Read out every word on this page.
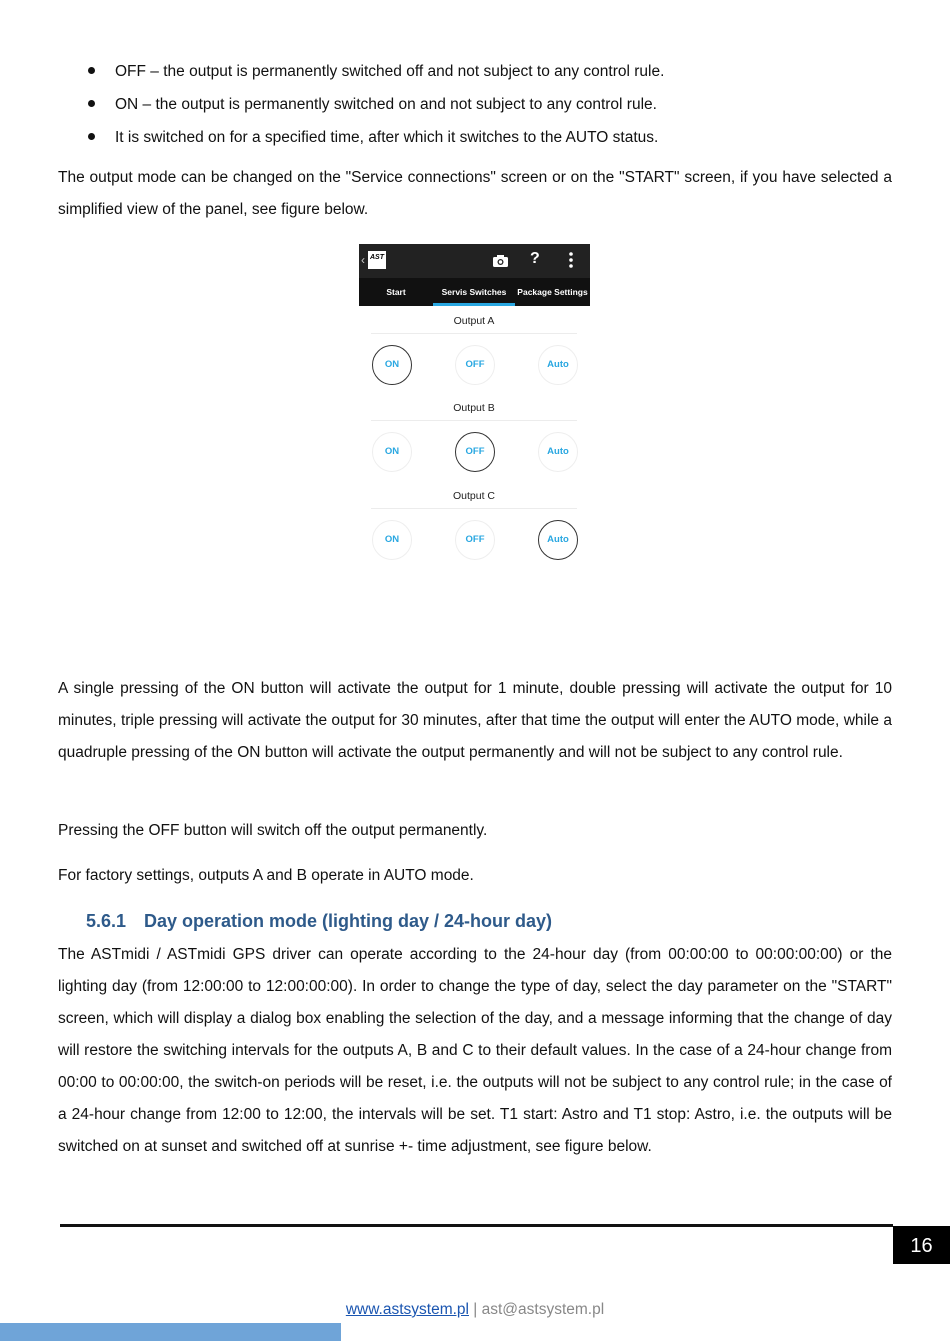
OFF – the output is permanently switched off and not subject to any control rule.
ON – the output is permanently switched on and not subject to any control rule.
It is switched on for a specified time, after which it switches to the AUTO status.

The output mode can be changed on the "Service connections" screen or on the "START" screen, if you have selected a simplified view of the panel, see figure below.

‹ AST	?
Start	Servis Switches	Package Settings
Output A
ON	OFF	Auto
Output B
ON	OFF	Auto
Output C
ON	OFF	Auto

A single pressing of the ON button will activate the output for 1 minute, double pressing will activate the output for 10 minutes, triple pressing will activate the output for 30 minutes, after that time the output will enter the AUTO mode, while a quadruple pressing of the ON button will activate the output permanently and will not be subject to any control rule.

Pressing the OFF button will switch off the output permanently.

For factory settings, outputs A and B operate in AUTO mode.

5.6.1 Day operation mode (lighting day / 24-hour day)

The ASTmidi / ASTmidi GPS driver can operate according to the 24-hour day (from 00:00:00 to 00:00:00:00) or the lighting day (from 12:00:00 to 12:00:00:00). In order to change the type of day, select the day parameter on the "START" screen, which will display a dialog box enabling the selection of the day, and a message informing that the change of day will restore the switching intervals for the outputs A, B and C to their default values. In the case of a 24-hour change from 00:00 to 00:00:00, the switch-on periods will be reset, i.e. the outputs will not be subject to any control rule; in the case of a 24-hour change from 12:00 to 12:00, the intervals will be set. T1 start: Astro and T1 stop: Astro, i.e. the outputs will be switched on at sunset and switched off at sunrise +- time adjustment, see figure below.

16
www.astsystem.pl | ast@astsystem.pl
